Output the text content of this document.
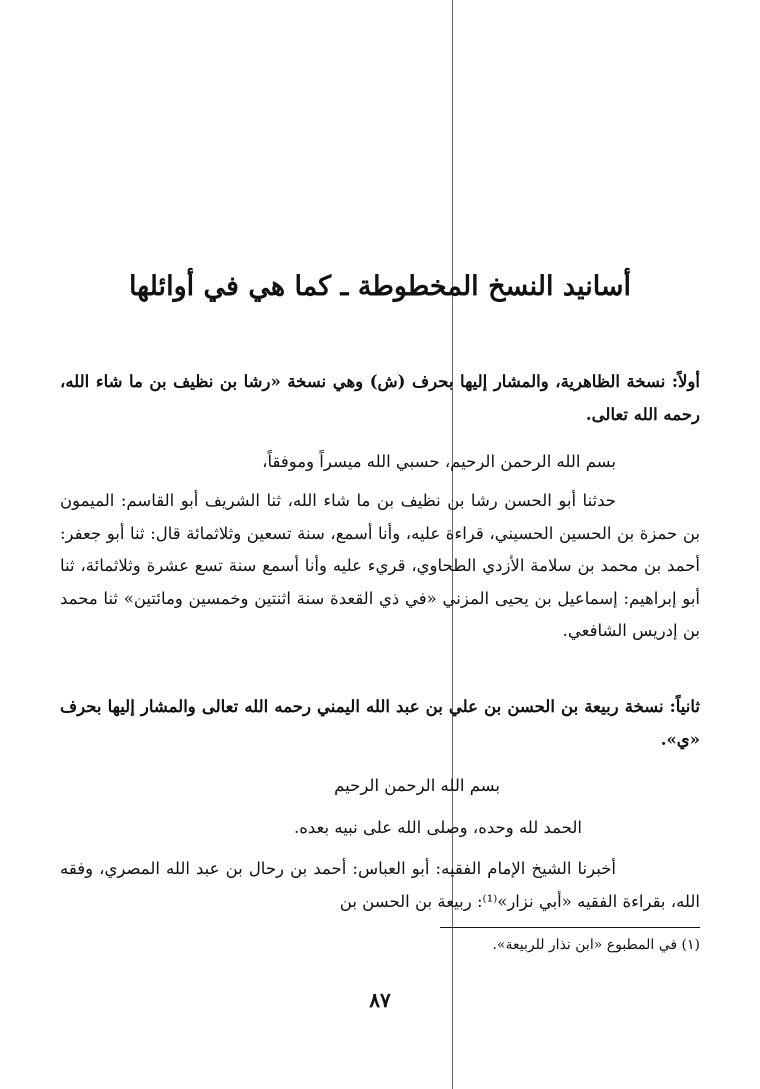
أسانيد النسخ المخطوطة ـ كما هي في أوائلها
أولاً: نسخة الظاهرية، والمشار إليها بحرف (ش) وهي نسخة «رشا بن نظيف بن ما شاء الله، رحمه الله تعالى.
بسم الله الرحمن الرحيم، حسبي الله ميسراً وموفقاً،
حدثنا أبو الحسن رشا بن نظيف بن ما شاء الله، ثنا الشريف أبو القاسم: الميمون بن حمزة بن الحسين الحسيني، قراءة عليه، وأنا أسمع، سنة تسعين وثلاثمائة قال: ثنا أبو جعفر: أحمد بن محمد بن سلامة الأزدي الطحاوي، قريء عليه وأنا أسمع سنة تسع عشرة وثلاثمائة، ثنا أبو إبراهيم: إسماعيل بن يحيى المزني «في ذي القعدة سنة اثنتين وخمسين ومائتين» ثنا محمد بن إدريس الشافعي.
ثانياً: نسخة ربيعة بن الحسن بن علي بن عبد الله اليمني رحمه الله تعالى والمشار إليها بحرف «ي».
بسم الله الرحمن الرحيم
الحمد لله وحده، وصلى الله على نبيه بعده.
أخبرنا الشيخ الإمام الفقيه: أبو العباس: أحمد بن رحال بن عبد الله المصري، وفقه الله، بقراءة الفقيه «أبي نزار»⁽¹⁾: ربيعة بن الحسن بن
(١) في المطبوع «ابن نذار للربيعة».
٨٧
